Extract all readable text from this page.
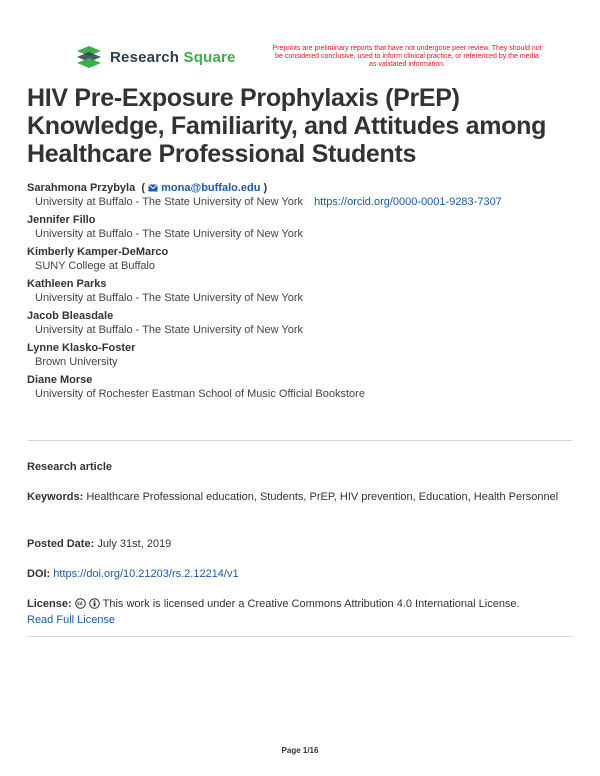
Research Square	Preprints are preliminary reports that have not undergone peer review. They should not be considered conclusive, used to inform clinical practice, or referenced by the media as validated information.
HIV Pre-Exposure Prophylaxis (PrEP) Knowledge, Familiarity, and Attitudes among Healthcare Professional Students
Sarahmona Przybyla  ( mona@buffalo.edu )
University at Buffalo - The State University of New York https://orcid.org/0000-0001-9283-7307
Jennifer Fillo
University at Buffalo - The State University of New York
Kimberly Kamper-DeMarco
SUNY College at Buffalo
Kathleen Parks
University at Buffalo - The State University of New York
Jacob Bleasdale
University at Buffalo - The State University of New York
Lynne Klasko-Foster
Brown University
Diane Morse
University of Rochester Eastman School of Music Official Bookstore
Research article
Keywords: Healthcare Professional education, Students, PrEP, HIV prevention, Education, Health Personnel
Posted Date: July 31st, 2019
DOI: https://doi.org/10.21203/rs.2.12214/v1
License:	This work is licensed under a Creative Commons Attribution 4.0 International License.
Read Full License
Page 1/16
